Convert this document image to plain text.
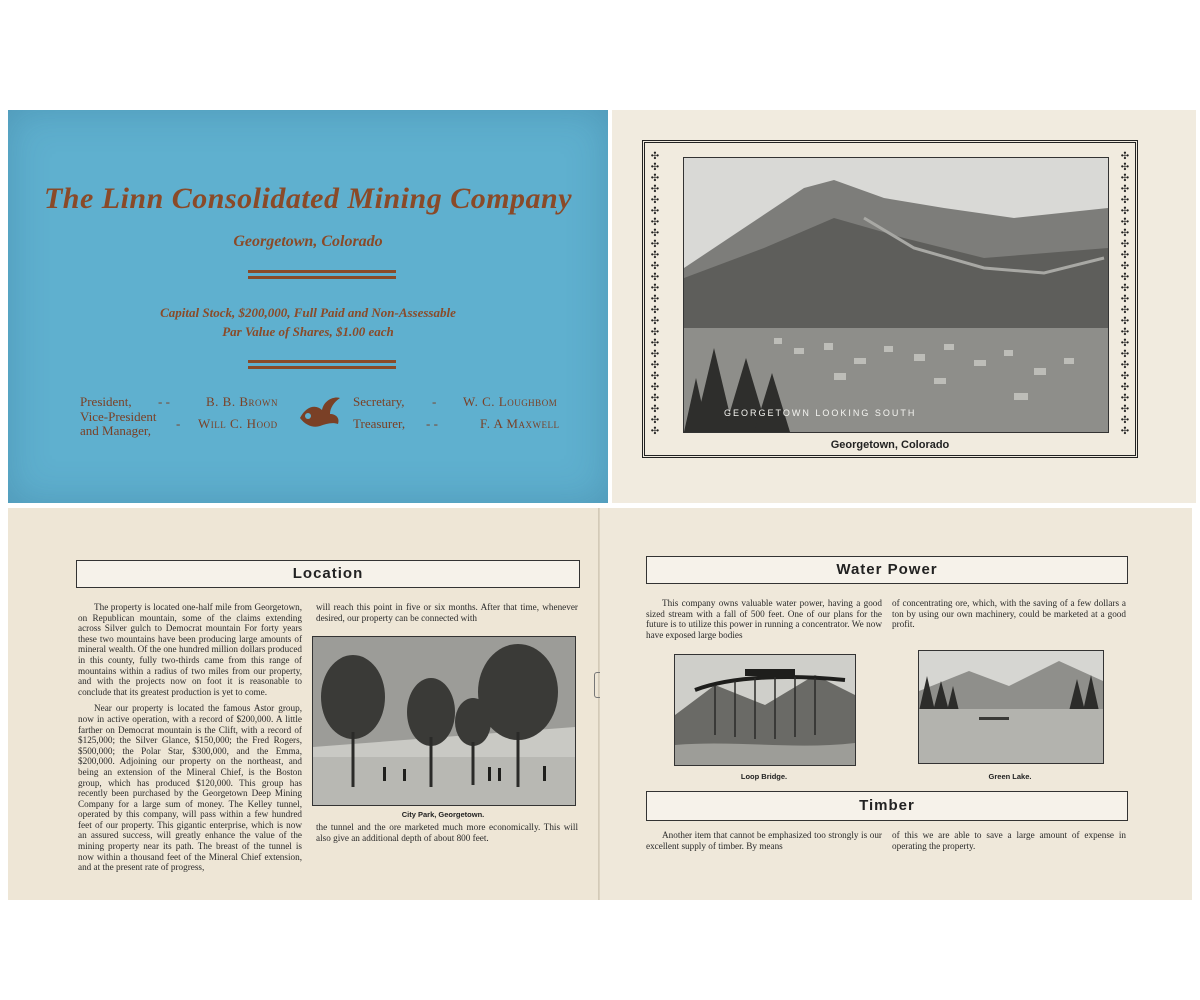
The Linn Consolidated Mining Company
Georgetown, Colorado
Capital Stock, $200,000, Full Paid and Non-Assessable
Par Value of Shares, $1.00 each
President, - -	B. B. Brown
Vice-President
and Manager, - Will C. Hood
Secretary, - W. C. Loughbom
Treasurer, - -	F. A Maxwell
✣
✣
✣
✣
✣
✣
✣
✣
✣
✣
✣
✣
✣
✣
✣
✣
✣
✣
✣
✣
✣
✣
✣
✣
✣
✣
✣
✣
✣
✣
✣
✣
✣
✣
✣
✣
✣
✣
✣
✣
✣
✣
✣
✣
✣
✣
✣
✣
✣
✣
✣
✣
GEORGETOWN LOOKING SOUTH
Georgetown, Colorado
Location

The property is located one-half mile from Georgetown, on Republican mountain, some of the claims extending across Silver gulch to Democrat mountain For forty years these two mountains have been producing large amounts of mineral wealth. Of the one hundred million dollars produced in this county, fully two-thirds came from this range of mountains within a radius of two miles from our property, and with the projects now on foot it is reasonable to conclude that its greatest production is yet to come.

Near our property is located the famous Astor group, now in active operation, with a record of $200,000. A little farther on Democrat mountain is the Clift, with a record of $125,000; the Silver Glance, $150,000; the Fred Rogers, $500,000; the Polar Star, $300,000, and the Emma, $200,000. Adjoining our property on the northeast, and being an extension of the Mineral Chief, is the Boston group, which has produced $120,000. This group has recently been purchased by the Georgetown Deep Mining Company for a large sum of money. The Kelley tunnel, operated by this company, will pass within a few hundred feet of our property. This gigantic enterprise, which is now an assured success, will greatly enhance the value of the mining property near its path. The breast of the tunnel is now within a thousand feet of the Mineral Chief extension, and at the present rate of progress,

will reach this point in five or six months. After that time, whenever desired, our property can be connected with
City Park, Georgetown.
the tunnel and the ore marketed much more economically. This will also give an additional depth of about 800 feet.
Water Power

This company owns valuable water power, having a good sized stream with a fall of 500 feet. One of our plans for the future is to utilize this power in running a concentrator. We now have exposed large bodies

of concentrating ore, which, with the saving of a few dollars a ton by using our own machinery, could be marketed at a good profit.
Loop Bridge.	Green Lake.
Timber

Another item that cannot be emphasized too strongly is our excellent supply of timber. By means

of this we are able to save a large amount of expense in operating the property.
